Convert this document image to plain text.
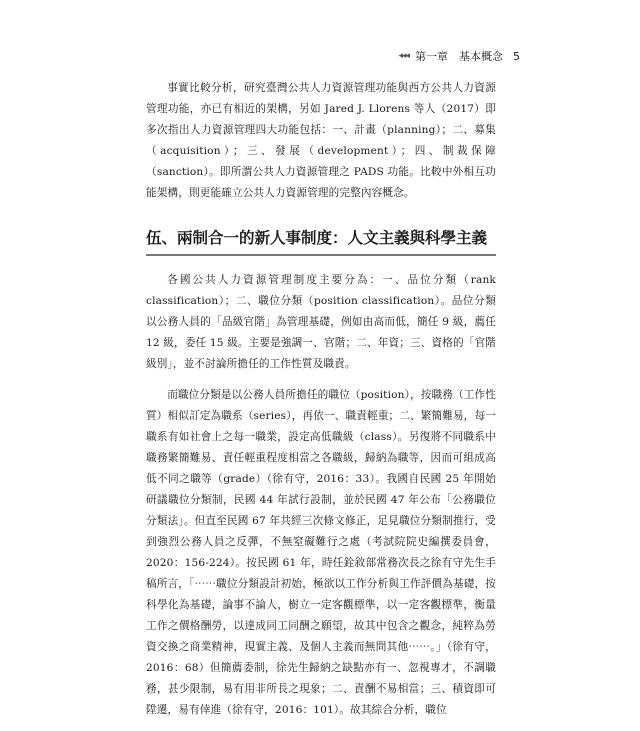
◂◂◂ 第一章　基本概念 5

事實比較分析，研究臺灣公共人力資源管理功能與西方公共人力資源管理功能，亦已有相近的架構，另如 Jared J. Llorens 等人（2017）即多次指出人力資源管理四大功能包括：一、計畫（planning）；二、募集（acquisition）；三、發展（development）；四、制裁保障（sanction）。即所謂公共人力資源管理之 PADS 功能。比較中外相互功能架構，則更能確立公共人力資源管理的完整內容概念。

伍、兩制合一的新人事制度：人文主義與科學主義

各國公共人力資源管理制度主要分為：一、品位分類（rank classification）；二、職位分類（position classification）。品位分類以公務人員的「品級官階」為管理基礎，例如由高而低，簡任 9 級，薦任 12 級，委任 15 級。主要是強調一、官階；二、年資；三、資格的「官階級別」，並不討論所擔任的工作性質及職責。

而職位分類是以公務人員所擔任的職位（position），按職務（工作性質）相似訂定為職系（series），再依一、職責輕重；二、繁簡難易，每一職系有如社會上之每一職業，設定高低職級（class）。另復將不同職系中職務繁簡難易、責任輕重程度相當之各職級，歸納為職等，因而可組成高低不同之職等（grade）（徐有守，2016：33）。我國自民國 25 年開始研議職位分類制，民國 44 年試行設制，並於民國 47 年公布「公務職位分類法」。但直至民國 67 年共經三次條文修正，足見職位分類制推行，受到強烈公務人員之反彈，不無窒礙難行之處（考試院院史編撰委員會，2020：156-224）。按民國 61 年，時任銓敘部常務次長之徐有守先生手稿所言，「⋯⋯職位分類設計初始，極欲以工作分析與工作評價為基礎，按科學化為基礎，論事不論人，樹立一定客觀標準，以一定客觀標準，衡量工作之價格酬勞，以達成同工同酬之願望，故其中包含之觀念，純粹為勞資交換之商業精神，現實主義、及個人主義而無問其他⋯⋯。」（徐有守，2016：68）但簡薦委制，徐先生歸納之缺點亦有一、忽視專才，不調職務，甚少限制，易有用非所長之現象；二、責酬不易相當；三、積資即可陞遷，易有倖進（徐有守，2016：101）。故其綜合分析，職位
